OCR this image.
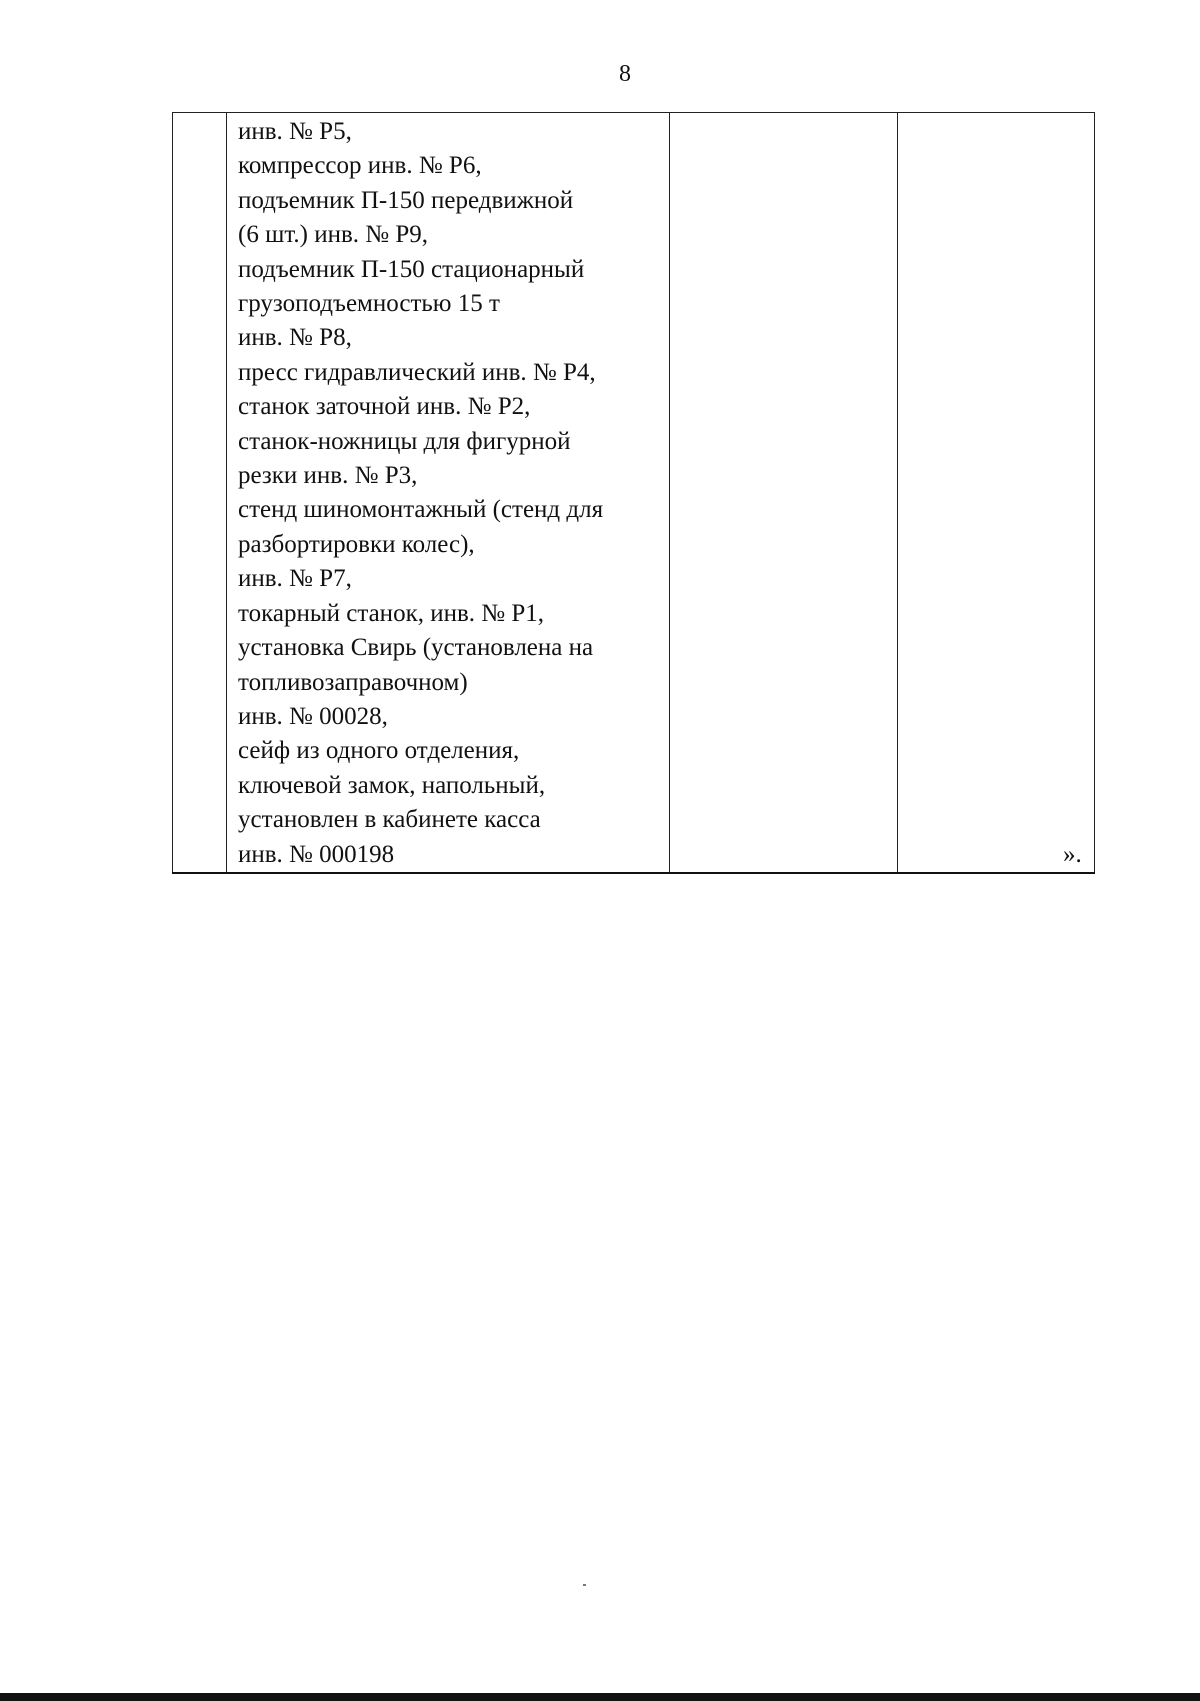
8

инв. № Р5,
компрессор инв. № Р6,
подъемник П-150 передвижной
(6 шт.) инв. № Р9,
подъемник П-150 стационарный
грузоподъемностью 15 т
инв. № Р8,
пресс гидравлический инв. № Р4,
станок заточной инв. № Р2,
станок-ножницы для фигурной
резки инв. № Р3,
стенд шиномонтажный (стенд для
разбортировки колес),
инв. № Р7,
токарный станок, инв. № Р1,
установка Свирь (установлена на
топливозаправочном)
инв. № 00028,
сейф из одного отделения,
ключевой замок, напольный,
установлен в кабинете касса
инв. № 000198
			».
